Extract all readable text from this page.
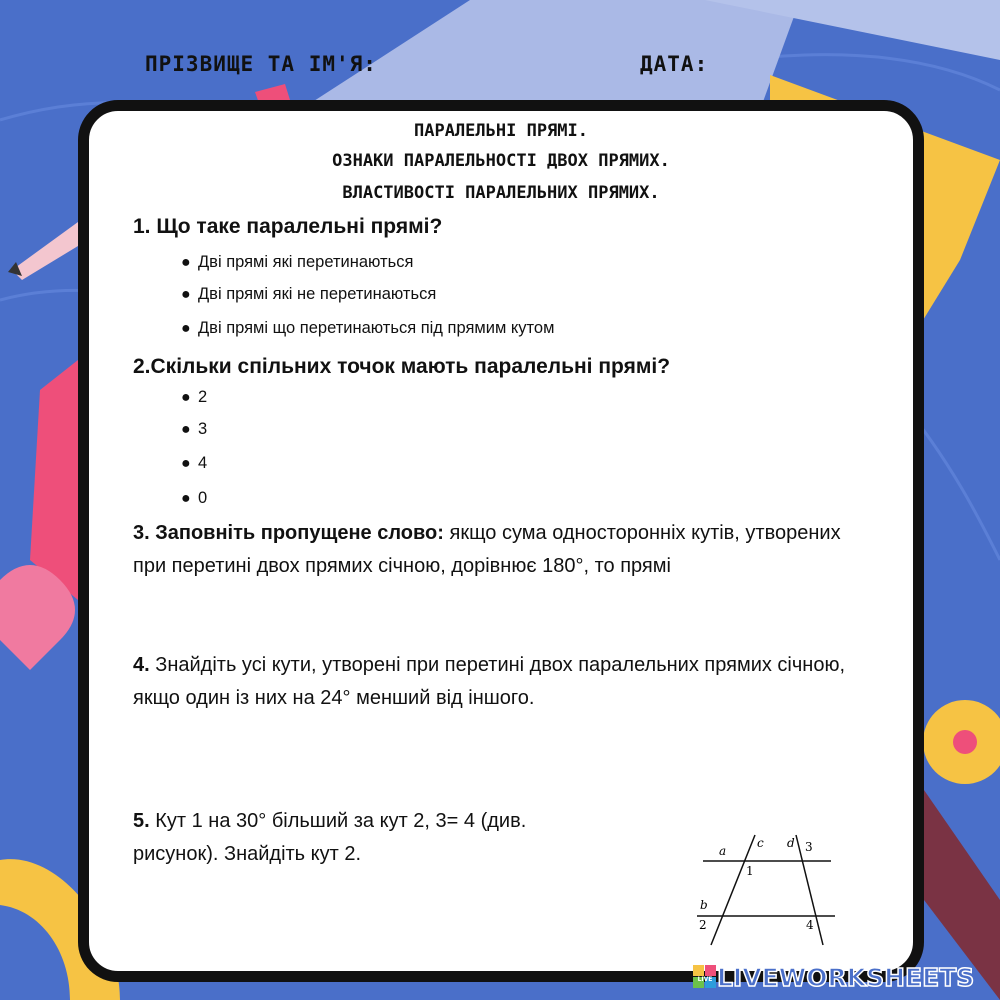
ПРІЗВИЩЕ ТА ІМ'Я:	ДАТА:
ПАРАЛЕЛЬНІ ПРЯМІ.
ОЗНАКИ ПАРАЛЕЛЬНОСТІ ДВОХ ПРЯМИХ.
ВЛАСТИВОСТІ ПАРАЛЕЛЬНИХ ПРЯМИХ.
1. Що таке паралельні прямі?
● Дві прямі які перетинаються
● Дві прямі які не перетинаються
● Дві прямі що перетинаються під прямим кутом
2.Скільки спільних точок мають паралельні прямі?
● 2
● 3
● 4
● 0
3. Заповніть пропущене слово: якщо сума односторонніх кутів, утворених при перетині двох прямих січною, дорівнює 180°, то прямі
4. Знайдіть усі кути, утворені при перетині двох паралельних прямих січною, якщо один із них на 24° менший від іншого.
5. Кут 1 на 30° більший за кут 2, 3= 4 (див. рисунок). Знайдіть кут 2.	a
c d 3
1
b
2	4
LIVE LIVEWORKSHEETS
